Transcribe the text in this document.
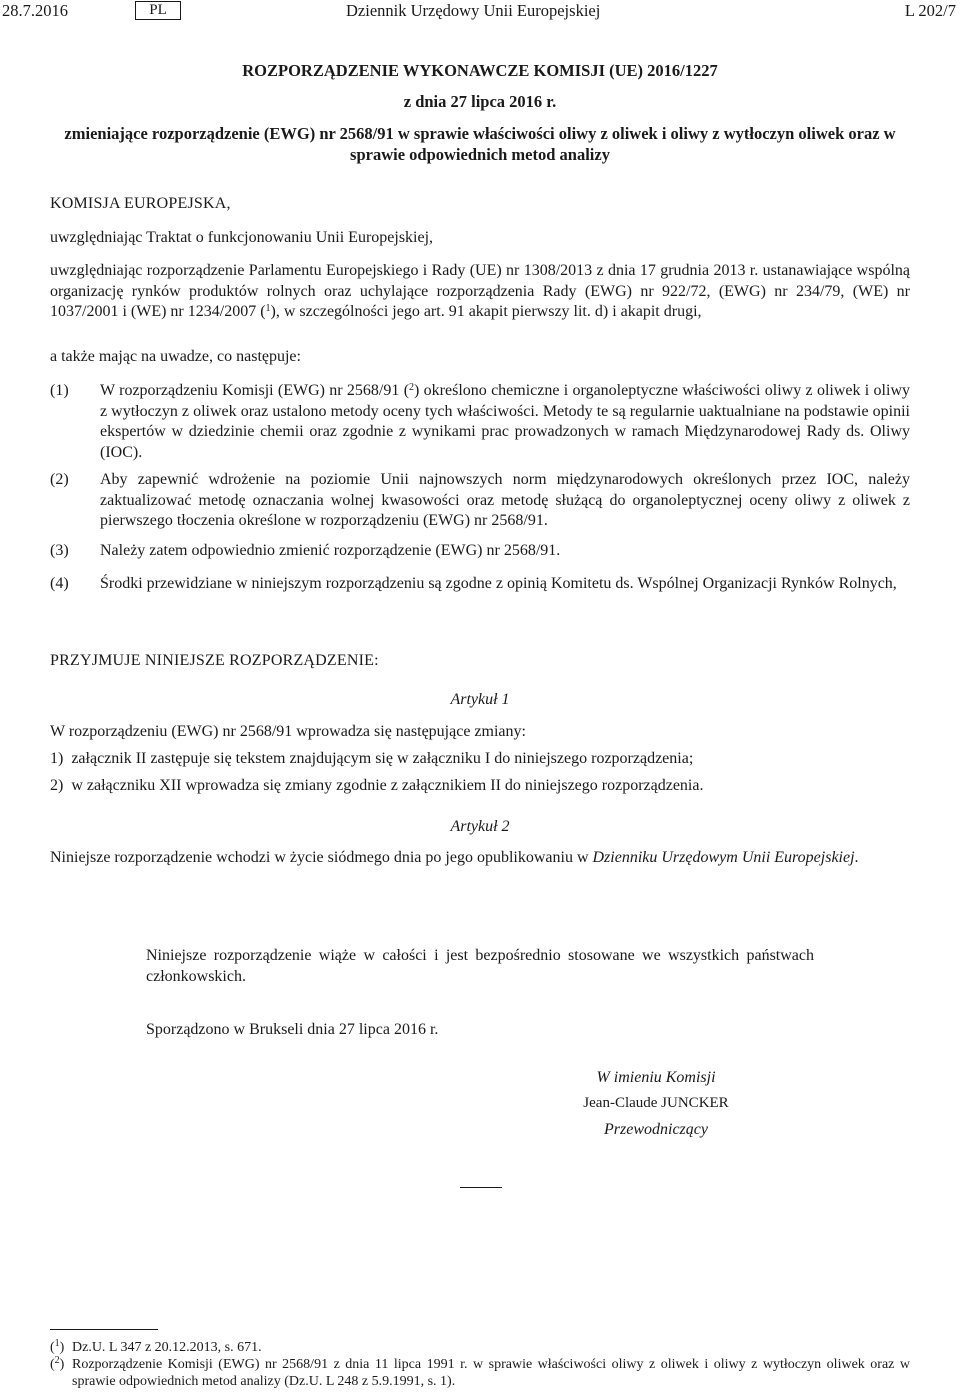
28.7.2016	PL	Dziennik Urzędowy Unii Europejskiej	L 202/7
ROZPORZĄDZENIE WYKONAWCZE KOMISJI (UE) 2016/1227
z dnia 27 lipca 2016 r.
zmieniające rozporządzenie (EWG) nr 2568/91 w sprawie właściwości oliwy z oliwek i oliwy z wytłoczyn oliwek oraz w sprawie odpowiednich metod analizy
KOMISJA EUROPEJSKA,
uwzględniając Traktat o funkcjonowaniu Unii Europejskiej,
uwzględniając rozporządzenie Parlamentu Europejskiego i Rady (UE) nr 1308/2013 z dnia 17 grudnia 2013 r. ustanawiające wspólną organizację rynków produktów rolnych oraz uchylające rozporządzenia Rady (EWG) nr 922/72, (EWG) nr 234/79, (WE) nr 1037/2001 i (WE) nr 1234/2007 ($^1$), w szczególności jego art. 91 akapit pierwszy lit. d) i akapit drugi,
a także mając na uwadze, co następuje:
(1) W rozporządzeniu Komisji (EWG) nr 2568/91 ($^2$) określono chemiczne i organoleptyczne właściwości oliwy z oliwek i oliwy z wytłoczyn z oliwek oraz ustalono metody oceny tych właściwości. Metody te są regularnie uaktualniane na podstawie opinii ekspertów w dziedzinie chemii oraz zgodnie z wynikami prac prowadzonych w ramach Międzynarodowej Rady ds. Oliwy (IOC).
(2) Aby zapewnić wdrożenie na poziomie Unii najnowszych norm międzynarodowych określonych przez IOC, należy zaktualizować metodę oznaczania wolnej kwasowości oraz metodę służącą do organoleptycznej oceny oliwy z oliwek z pierwszego tłoczenia określone w rozporządzeniu (EWG) nr 2568/91.
(3) Należy zatem odpowiednio zmienić rozporządzenie (EWG) nr 2568/91.
(4) Środki przewidziane w niniejszym rozporządzeniu są zgodne z opinią Komitetu ds. Wspólnej Organizacji Rynków Rolnych,
PRZYJMUJE NINIEJSZE ROZPORZĄDZENIE:
Artykuł 1
W rozporządzeniu (EWG) nr 2568/91 wprowadza się następujące zmiany:
1)  załącznik II zastępuje się tekstem znajdującym się w załączniku I do niniejszego rozporządzenia;
2)  w załączniku XII wprowadza się zmiany zgodnie z załącznikiem II do niniejszego rozporządzenia.
Artykuł 2
Niniejsze rozporządzenie wchodzi w życie siódmego dnia po jego opublikowaniu w Dzienniku Urzędowym Unii Europejskiej.
Niniejsze rozporządzenie wiąże w całości i jest bezpośrednio stosowane we wszystkich państwach członkowskich.
Sporządzono w Brukseli dnia 27 lipca 2016 r.
W imieniu Komisji
Jean-Claude JUNCKER
Przewodniczący
($^1$) Dz.U. L 347 z 20.12.2013, s. 671.
($^2$) Rozporządzenie Komisji (EWG) nr 2568/91 z dnia 11 lipca 1991 r. w sprawie właściwości oliwy z oliwek i oliwy z wytłoczyn oliwek oraz w sprawie odpowiednich metod analizy (Dz.U. L 248 z 5.9.1991, s. 1).
